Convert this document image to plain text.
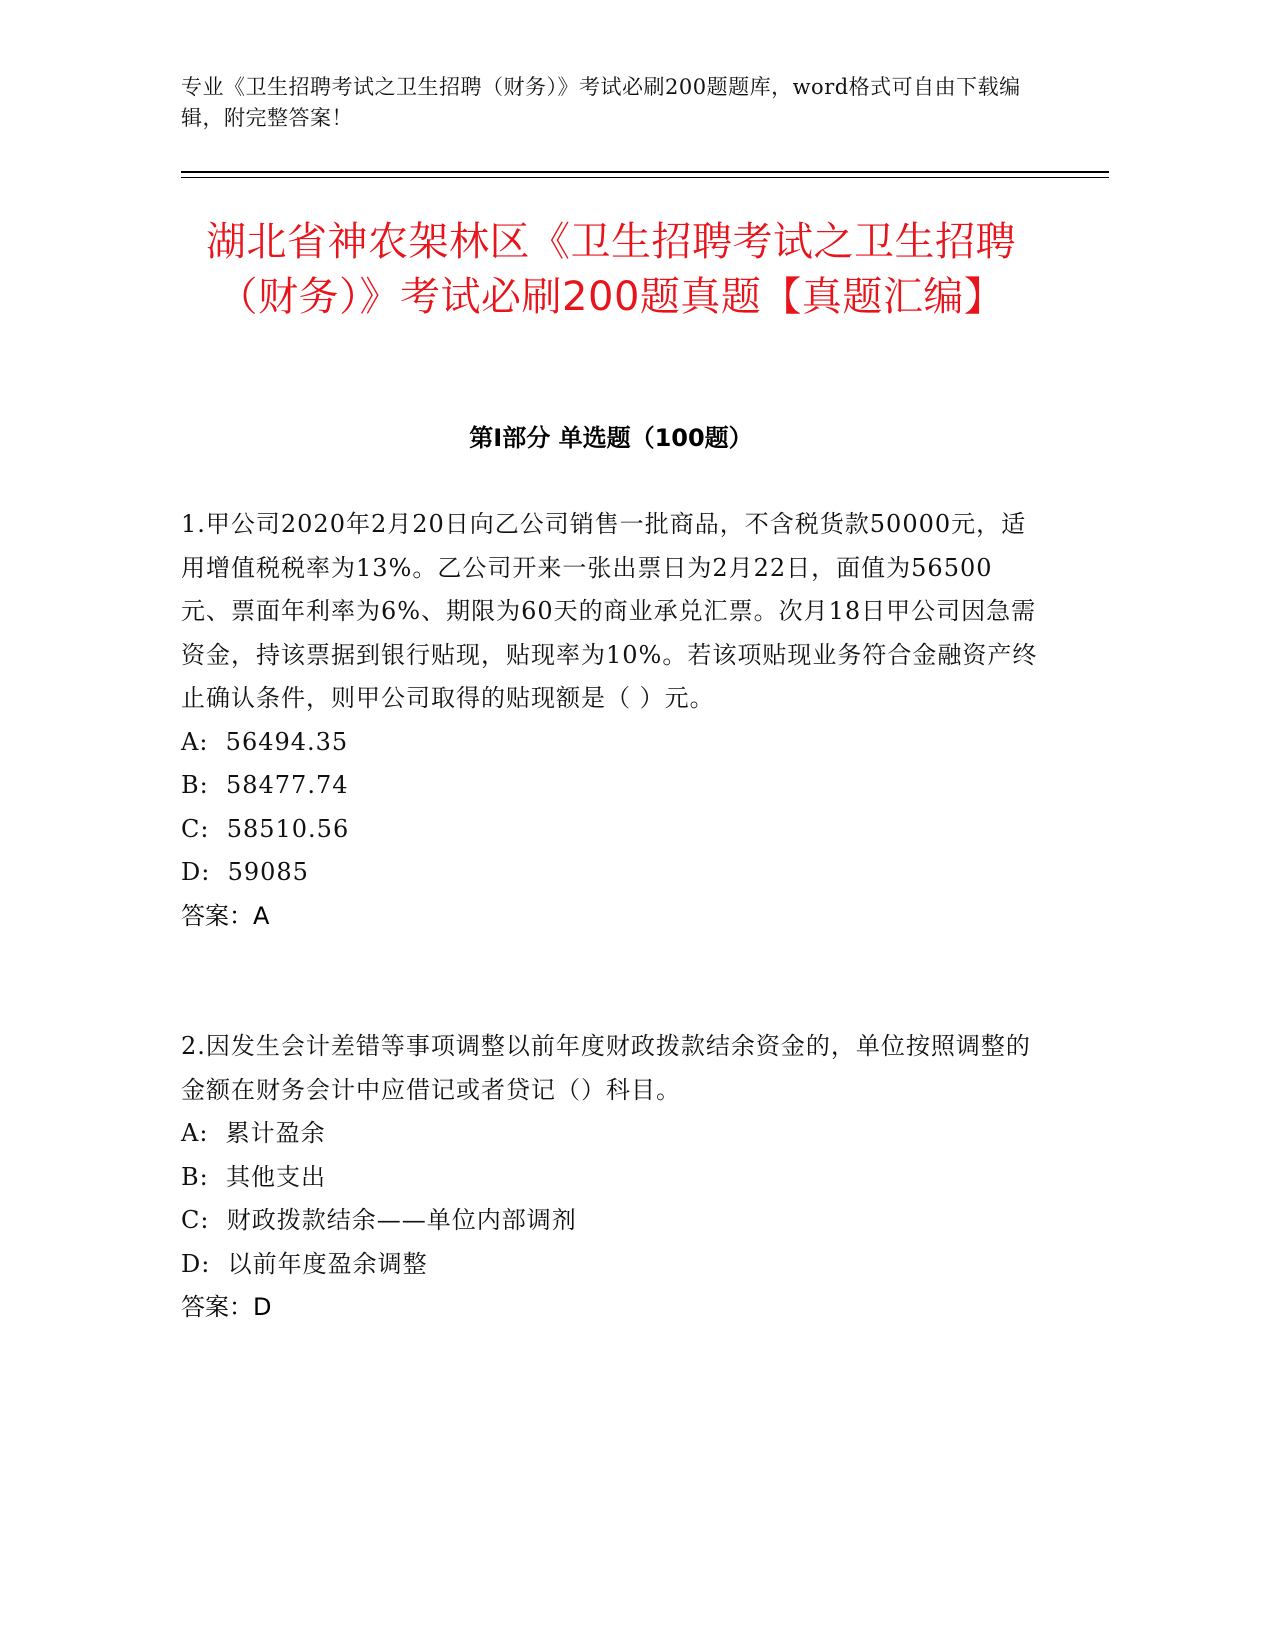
专业《卫生招聘考试之卫生招聘（财务）》考试必刷200题题库，word格式可自由下载编辑，附完整答案！
湖北省神农架林区《卫生招聘考试之卫生招聘（财务）》考试必刷200题真题【真题汇编】
第I部分 单选题（100题）

1.甲公司2020年2月20日向乙公司销售一批商品，不含税货款50000元，适用增值税税率为13%。乙公司开来一张出票日为2月22日，面值为56500元、票面年利率为6%、期限为60天的商业承兑汇票。次月18日甲公司因急需资金，持该票据到银行贴现，贴现率为10%。若该项贴现业务符合金融资产终止确认条件，则甲公司取得的贴现额是（ ）元。

A:  56494.35

B:  58477.74

C:  58510.56

D:  59085

答案：A

2.因发生会计差错等事项调整以前年度财政拨款结余资金的，单位按照调整的金额在财务会计中应借记或者贷记（）科目。

A:  累计盈余

B:  其他支出

C:  财政拨款结余——单位内部调剂

D:  以前年度盈余调整

答案：D
